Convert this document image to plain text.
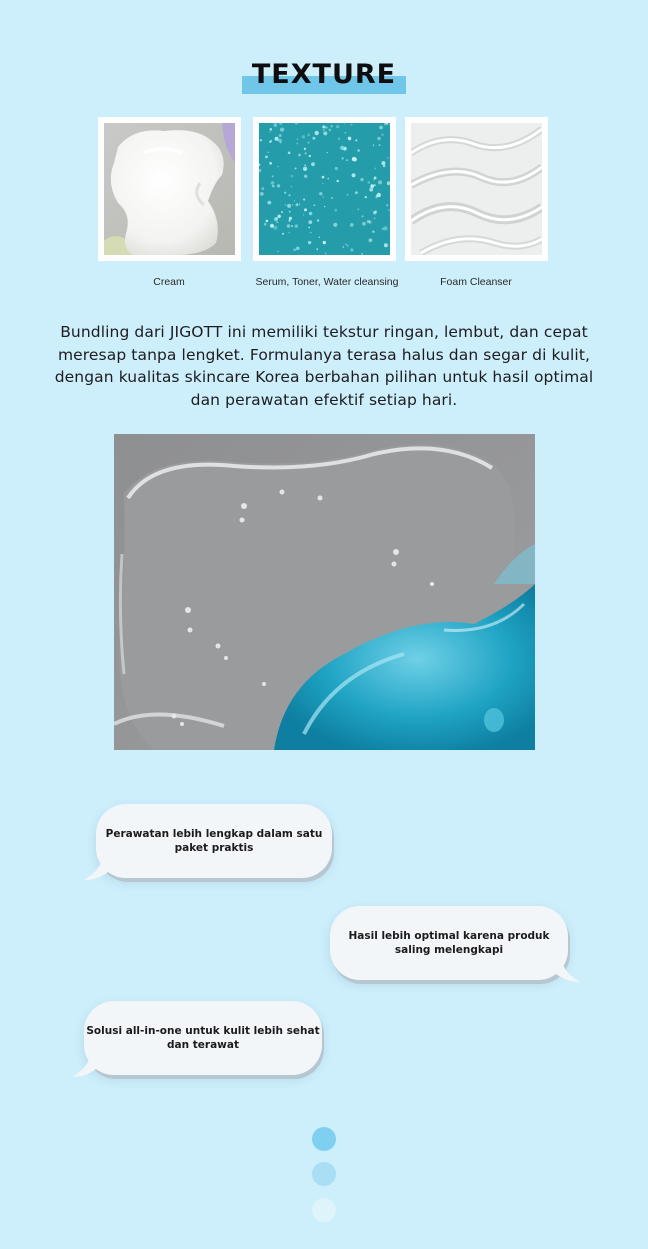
TEXTURE
Cream	Serum, Toner, Water cleansing	Foam Cleanser

Bundling dari JIGOTT ini memiliki tekstur ringan, lembut, dan cepat meresap tanpa lengket. Formulanya terasa halus dan segar di kulit, dengan kualitas skincare Korea berbahan pilihan untuk hasil optimal dan perawatan efektif setiap hari.

Perawatan lebih lengkap dalam satu paket praktis
Hasil lebih optimal karena produk saling melengkapi
Solusi all-in-one untuk kulit lebih sehat dan terawat
